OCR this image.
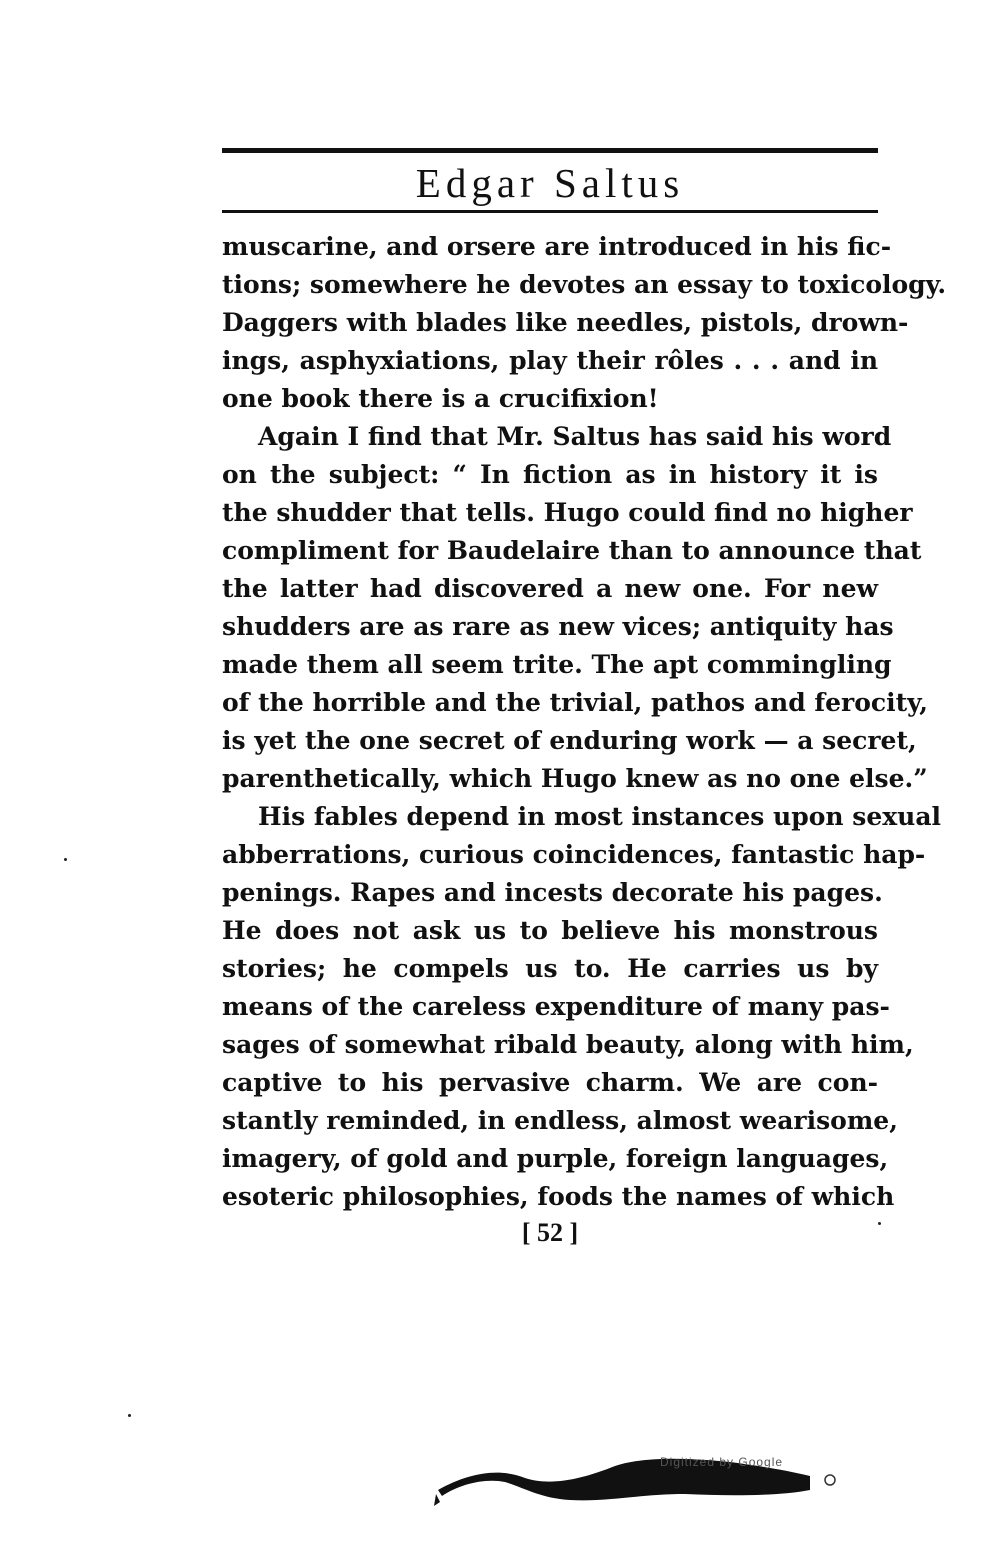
Edgar Saltus
muscarine, and orsere are introduced in his fic-
tions; somewhere he devotes an essay to toxicology.
Daggers with blades like needles, pistols, drown-
ings, asphyxiations, play their rôles . . . and in
one book there is a crucifixion!
Again I find that Mr. Saltus has said his word
on the subject: “ In fiction as in history it is
the shudder that tells. Hugo could find no higher
compliment for Baudelaire than to announce that
the latter had discovered a new one. For new
shudders are as rare as new vices; antiquity has
made them all seem trite. The apt commingling
of the horrible and the trivial, pathos and ferocity,
is yet the one secret of enduring work — a secret,
parenthetically, which Hugo knew as no one else.”
His fables depend in most instances upon sexual
abberrations, curious coincidences, fantastic hap-
penings. Rapes and incests decorate his pages.
He does not ask us to believe his monstrous
stories; he compels us to. He carries us by
means of the careless expenditure of many pas-
sages of somewhat ribald beauty, along with him,
captive to his pervasive charm. We are con-
stantly reminded, in endless, almost wearisome,
imagery, of gold and purple, foreign languages,
esoteric philosophies, foods the names of which
[ 52 ]
Digitized by Google
